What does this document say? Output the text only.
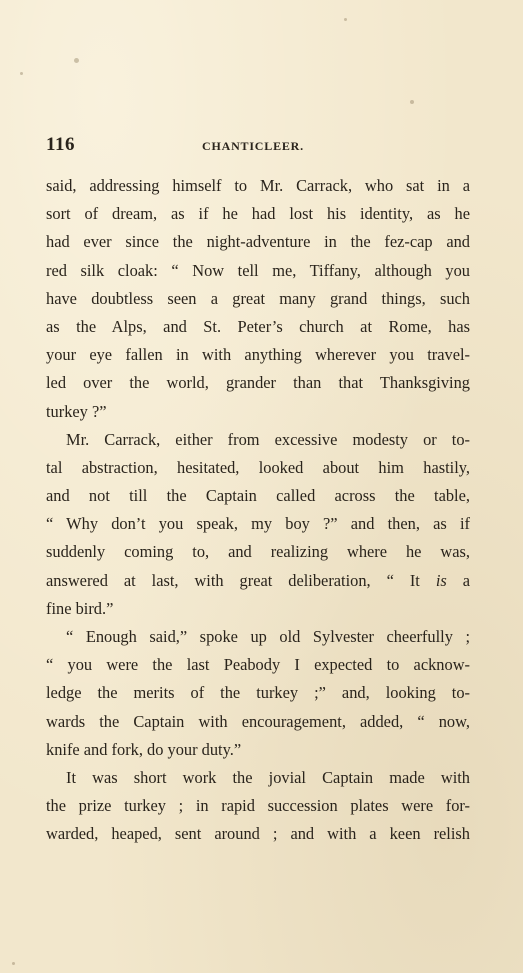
116	CHANTICLEER.
said, addressing himself to Mr. Carrack, who sat in a
sort of dream, as if he had lost his identity, as he
had ever since the night-adventure in the fez-cap and
red silk cloak: “ Now tell me, Tiffany, although you
have doubtless seen a great many grand things, such
as the Alps, and St. Peter’s church at Rome, has
your eye fallen in with anything wherever you travel-
led over the world, grander than that Thanksgiving
turkey ?”
Mr. Carrack, either from excessive modesty or to-
tal abstraction, hesitated, looked about him hastily,
and not till the Captain called across the table,
“ Why don’t you speak, my boy ?” and then, as if
suddenly coming to, and realizing where he was,
answered at last, with great deliberation, “ It is a
fine bird.”
“ Enough said,” spoke up old Sylvester cheerfully ;
“ you were the last Peabody I expected to acknow-
ledge the merits of the turkey ;” and, looking to-
wards the Captain with encouragement, added, “ now,
knife and fork, do your duty.”
It was short work the jovial Captain made with
the prize turkey ; in rapid succession plates were for-
warded, heaped, sent around ; and with a keen relish
